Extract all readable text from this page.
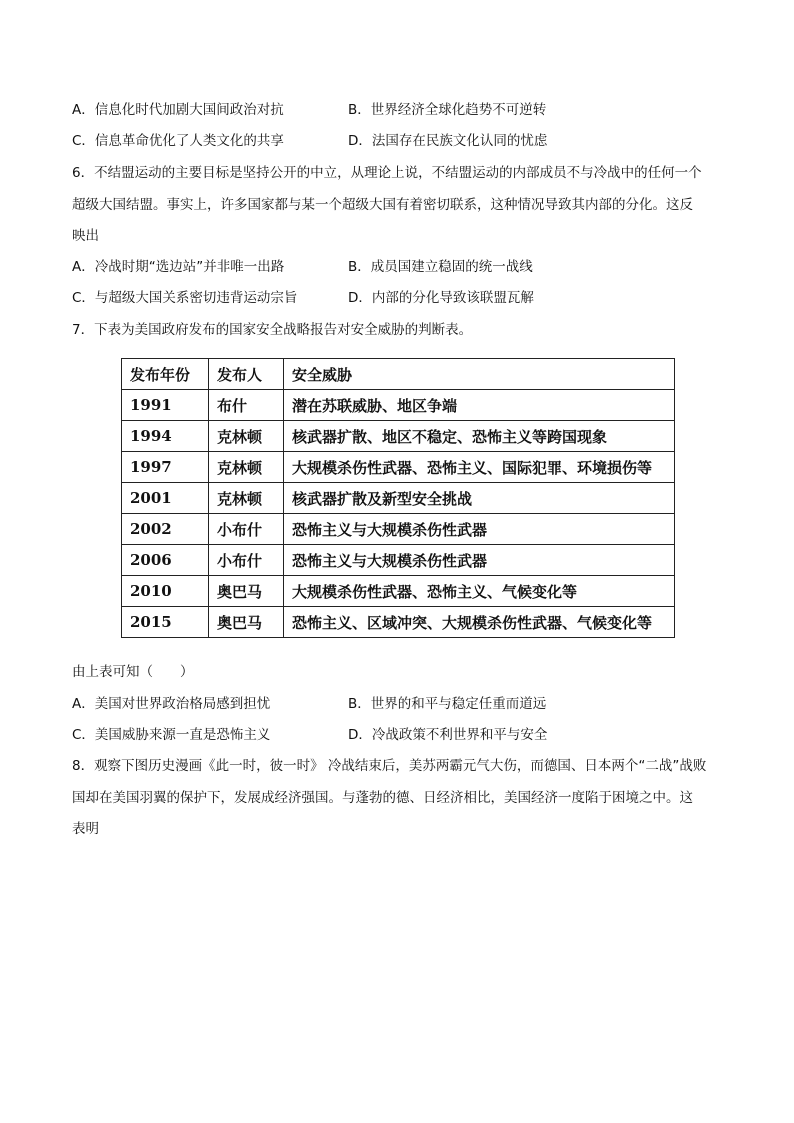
A．信息化时代加剧大国间政治对抗	B．世界经济全球化趋势不可逆转
C．信息革命优化了人类文化的共享	D．法国存在民族文化认同的忧虑
6．不结盟运动的主要目标是坚持公开的中立，从理论上说，不结盟运动的内部成员不与冷战中的任何一个
超级大国结盟。事实上，许多国家都与某一个超级大国有着密切联系，这种情况导致其内部的分化。这反
映出
A．冷战时期“选边站”并非唯一出路	B．成员国建立稳固的统一战线
C．与超级大国关系密切违背运动宗旨	D．内部的分化导致该联盟瓦解
7．下表为美国政府发布的国家安全战略报告对安全威胁的判断表。
发布年份	发布人	安全威胁
1991	布什	潜在苏联威胁、地区争端
1994	克林顿	核武器扩散、地区不稳定、恐怖主义等跨国现象
1997	克林顿	大规模杀伤性武器、恐怖主义、国际犯罪、环境损伤等
2001	克林顿	核武器扩散及新型安全挑战
2002	小布什	恐怖主义与大规模杀伤性武器
2006	小布什	恐怖主义与大规模杀伤性武器
2010	奥巴马	大规模杀伤性武器、恐怖主义、气候变化等
2015	奥巴马	恐怖主义、区域冲突、大规模杀伤性武器、气候变化等
由上表可知（　　）
A．美国对世界政治格局感到担忧	B．世界的和平与稳定任重而道远
C．美国威胁来源一直是恐怖主义	D．冷战政策不利世界和平与安全
8．观察下图历史漫画《此一时，彼一时》 冷战结束后，美苏两霸元气大伤，而德国、日本两个“二战”战败
国却在美国羽翼的保护下，发展成经济强国。与蓬勃的德、日经济相比，美国经济一度陷于困境之中。这
表明
